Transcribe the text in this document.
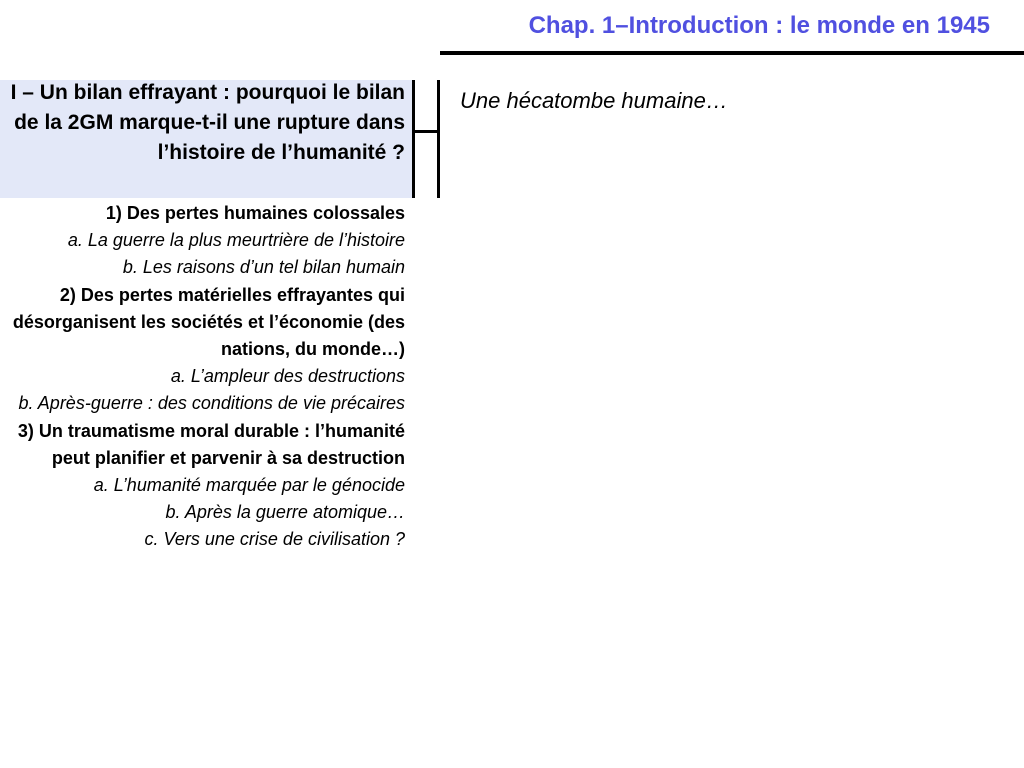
Chap. 1–Introduction : le monde en 1945
I – Un bilan effrayant : pourquoi le bilan de la 2GM marque-t-il une rupture dans l’histoire de l’humanité ?
1) Des pertes humaines colossales
a. La guerre la plus meurtrière de l’histoire
b. Les raisons d’un tel bilan humain
2) Des pertes matérielles effrayantes qui désorganisent les sociétés et l’économie (des nations, du monde…)
a. L’ampleur des destructions
b. Après-guerre : des conditions de vie précaires
3) Un traumatisme moral durable : l’humanité peut planifier et parvenir à sa destruction
a. L’humanité marquée par le génocide
b. Après la guerre atomique…
c. Vers une crise de civilisation ?
Une hécatombe humaine…
